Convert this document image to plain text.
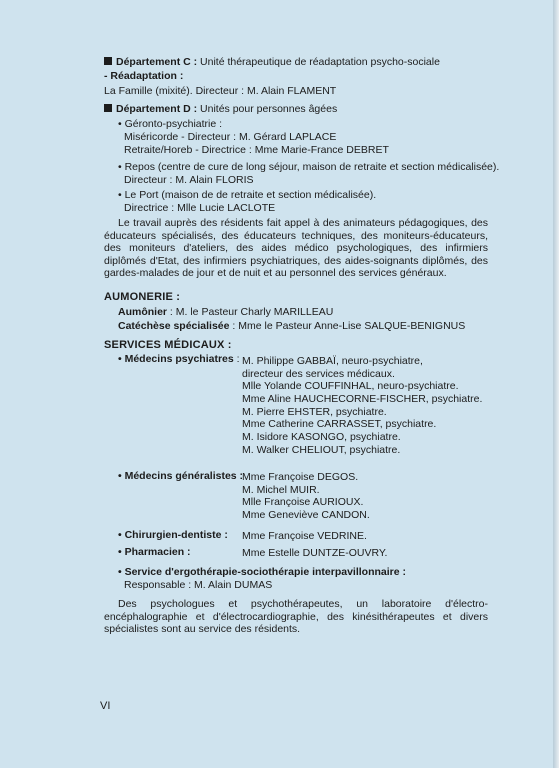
Département C : Unité thérapeutique de réadaptation psycho-sociale
- Réadaptation :
La Famille (mixité). Directeur : M. Alain FLAMENT
Département D : Unités pour personnes âgées
• Géronto-psychiatrie :
Miséricorde - Directeur : M. Gérard LAPLACE
Retraite/Horeb - Directrice : Mme Marie-France DEBRET
• Repos (centre de cure de long séjour, maison de retraite et section médicalisée).
Directeur : M. Alain FLORIS
• Le Port (maison de de retraite et section médicalisée).
Directrice : Mlle Lucie LACLOTE
Le travail auprès des résidents fait appel à des animateurs pédagogiques, des éducateurs spécialisés, des éducateurs techniques, des moniteurs-éducateurs, des moniteurs d'ateliers, des aides médico psychologiques, des infirmiers diplômés d'Etat, des infirmiers psychiatriques, des aides-soignants diplômés, des gardes-malades de jour et de nuit et au personnel des services généraux.
AUMONERIE :
Aumônier : M. le Pasteur Charly MARILLEAU
Catéchèse spécialisée : Mme le Pasteur Anne-Lise SALQUE-BENIGNUS
SERVICES MÉDICAUX :
• Médecins psychiatres : M. Philippe GABBAÏ, neuro-psychiatre,
directeur des services médicaux.
Mlle Yolande COUFFINHAL, neuro-psychiatre.
Mme Aline HAUCHECORNE-FISCHER, psychiatre.
M. Pierre EHSTER, psychiatre.
Mme Catherine CARRASSET, psychiatre.
M. Isidore KASONGO, psychiatre.
M. Walker CHELIOUT, psychiatre.
• Médecins généralistes :
Mme Françoise DEGOS.
M. Michel MUIR.
Mlle Françoise AURIOUX.
Mme Geneviève CANDON.
• Chirurgien-dentiste : Mme Françoise VEDRINE.
• Pharmacien :	Mme Estelle DUNTZE-OUVRY.
• Service d'ergothérapie-sociothérapie interpavillonnaire :
Responsable : M. Alain DUMAS
Des psychologues et psychothérapeutes, un laboratoire d'électro-encéphalographie et d'électrocardiographie, des kinésithérapeutes et divers spécialistes sont au service des résidents.
VI
